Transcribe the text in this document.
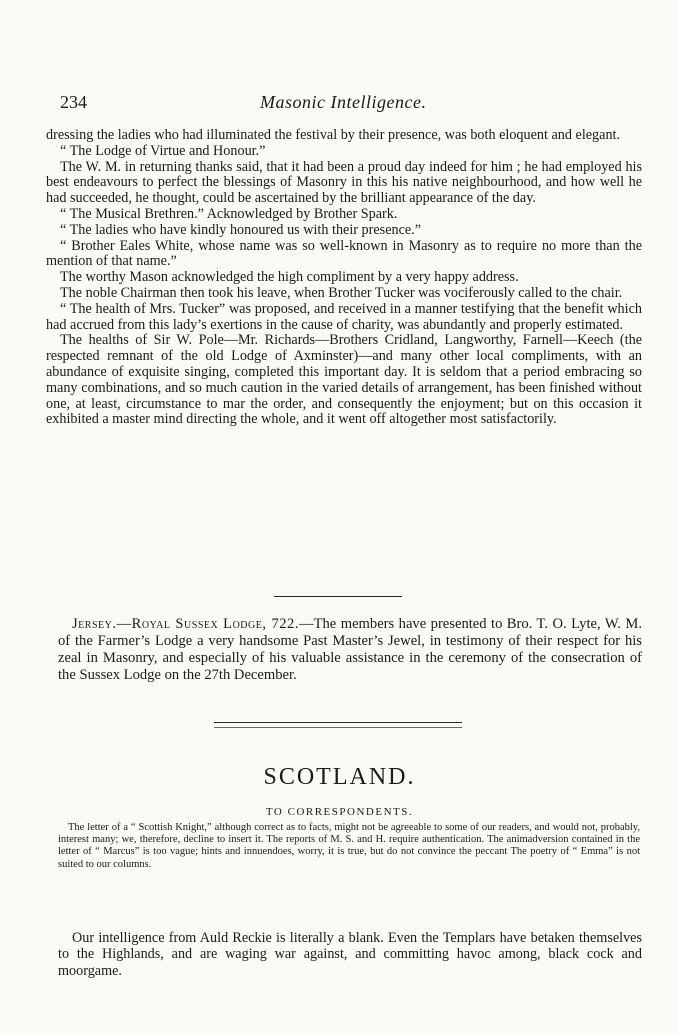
234	Masonic Intelligence.

dressing the ladies who had illuminated the festival by their presence, was both eloquent and elegant.

“ The Lodge of Virtue and Honour.”

The W. M. in returning thanks said, that it had been a proud day indeed for him ; he had employed his best endeavours to perfect the blessings of Masonry in this his native neighbourhood, and how well he had succeeded, he thought, could be ascertained by the brilliant appearance of the day.

“ The Musical Brethren.” Acknowledged by Brother Spark.

“ The ladies who have kindly honoured us with their presence.”

“ Brother Eales White, whose name was so well-known in Masonry as to require no more than the mention of that name.”

The worthy Mason acknowledged the high compliment by a very happy address.

The noble Chairman then took his leave, when Brother Tucker was vociferously called to the chair.

“ The health of Mrs. Tucker” was proposed, and received in a manner testifying that the benefit which had accrued from this lady’s exertions in the cause of charity, was abundantly and properly estimated.

The healths of Sir W. Pole—Mr. Richards—Brothers Cridland, Langworthy, Farnell—Keech (the respected remnant of the old Lodge of Axminster)—and many other local compliments, with an abundance of exquisite singing, completed this important day. It is seldom that a period embracing so many combinations, and so much caution in the varied details of arrangement, has been finished without one, at least, circumstance to mar the order, and consequently the enjoyment; but on this occasion it exhibited a master mind directing the whole, and it went off altogether most satisfactorily.

Jersey.—Royal Sussex Lodge, 722.—The members have presented to Bro. T. O. Lyte, W. M. of the Farmer’s Lodge a very handsome Past Master’s Jewel, in testimony of their respect for his zeal in Masonry, and especially of his valuable assistance in the ceremony of the consecration of the Sussex Lodge on the 27th December.

SCOTLAND.
TO CORRESPONDENTS.
The letter of a “ Scottish Knight,” although correct as to facts, might not be agreeable to some of our readers, and would not, probably, interest many; we, therefore, decline to insert it. The reports of M. S. and H. require authentication. The animadversion contained in the letter of “ Marcus” is too vague; hints and innuendoes, worry, it is true, but do not convince the peccant The poetry of “ Emma” is not suited to our columns.
Our intelligence from Auld Reckie is literally a blank. Even the Templars have betaken themselves to the Highlands, and are waging war against, and committing havoc among, black cock and moorgame.
